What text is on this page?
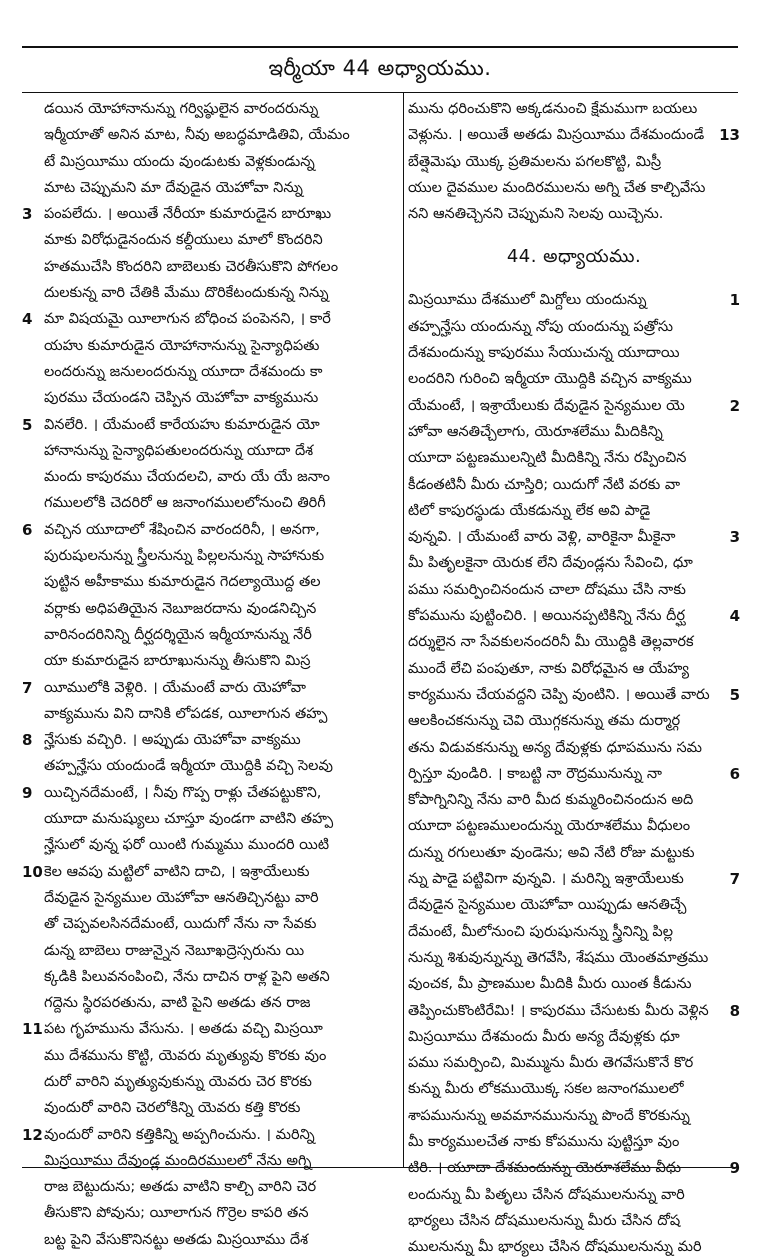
ఇర్మీయా 44 అధ్యాయము.
డయిన యోహానానున్ను గర్విష్ఠులైన వారందరున్ను
ఇర్మీయాతో అనిన మాట, నీవు అబద్ధమాడితివి, యేమం
టే మిస్రయీము యందు వుండుటకు వెళ్లకుండున్న
మాట చెప్పుమని మా దేవుడైన యెహోవా నిన్ను
3 పంపలేదు. । అయితే నేరీయా కుమారుడైన బారూఖు
మాకు విరోధుడైనందున కల్దీయులు మాలో కొందరిని
హతముచేసి కొందరిని బాబెలుకు చెరతీసుకొని పోగలం
దులకున్న వారి చేతికి మేము దొరికేటందుకున్న నిన్ను
4 మా విషయమై యీలాగున బోధించ పంపెనని, । కారే
యహు కుమారుడైన యోహానానున్ను సైన్యాధిపతు
లందరున్ను జనులందరున్ను యూదా దేశమందు కా
పురము చేయండని చెప్పిన యెహోవా వాక్యమును
5 వినలేరి. । యేమంటే కారేయహు కుమారుడైన యో
హానానున్ను సైన్యాధిపతులందరున్ను యూదా దేశ
మందు కాపురము చేయదలచి, వారు యే యే జనాం
గములలోకి చెదరిరో ఆ జనాంగములలోనుంచి తిరిగీ
6 వచ్చిన యూదాలో శేషించిన వారందరినీ, । అనగా,
పురుషులనున్ను స్త్రీలనున్ను పిల్లలనున్ను సాహానుకు
పుట్టిన అహీకాము కుమారుడైన గెదల్యాయొద్ద తల
వర్లాకు అధిపతియైన నెబూజరదాను వుండనిచ్చిన
వారినందరినిన్ని దీర్ఘదర్శియైన ఇర్మీయానున్ను నేరీ
యా కుమారుడైన బారూఖునున్ను తీసుకొని మిస్ర
7 యీములోకి వెళ్లిరి. । యేమంటే వారు యెహోవా
వాక్యమును విని దానికి లోపడక, యీలాగున తహ్ప
8 న్హేసుకు వచ్చిరి. । అప్పుడు యెహోవా వాక్యము
తహ్పన్హేసు యందుండే ఇర్మీయా యొద్దికి వచ్చి సెలవు
9 యిచ్చినదేమంటే, । నీవు గొప్ప రాళ్లు చేతపట్టుకొని,
యూదా మనుష్యులు చూస్తూ వుండగా వాటిని తహ్ప
న్హేసులో వున్న ఫరో యింటి గుమ్మము ముందరి యిటి
10 కెల ఆవపు మట్టిలో వాటిని దాచి, । ఇశ్రాయేలుకు
దేవుడైన సైన్యముల యెహోవా ఆనతిచ్చినట్టు వారి
తో చెప్పవలసినదేమంటే, యిదుగో నేను నా సేవకు
డున్న బాబెలు రాజున్నైన నెబూఖద్రెస్సరును యి
క్కడికి పిలువనంపించి, నేను దాచిన రాళ్ల పైని అతని
గద్దెను స్థిరపరతును, వాటి పైని అతడు తన రాజ
11 పట గృహమును వేసును. । అతడు వచ్చి మిస్రయీ
ము దేశమును కొట్టి, యెవరు మృత్యువు కొరకు వుం
దురో వారిని మృత్యువుకున్ను యెవరు చెర కొరకు
వుందురో వారిని చెరలోకిన్ని యెవరు కత్తి కొరకు
12 వుందురో వారిని కత్తికిన్ని అప్పగించును. । మరిన్ని
మిస్రయీము దేవుండ్ల మందిరములలో నేను అగ్ని
రాజ బెట్టుదును; అతడు వాటిని కాల్చి వారిని చెర
తీసుకొని పోవును; యీలాగున గొర్రెల కాపరి తన
బట్ట పైని వేసుకొనినట్టు అతడు మిస్రయీము దేశ
మును ధరించుకొని అక్కడనుంచి క్షేమముగా బయలు
13
వెళ్లును. । అయితే అతడు మిస్రయీము దేశమందుండే
బేత్షెమెషు యొక్క ప్రతిమలను పగలకొట్టి, మిస్రీ
యుల దైవముల మందిరములను అగ్ని చేత కాల్చివేసు
నని ఆనతిచ్చెనని చెప్పుమని సెలవు యిచ్చెను.
44. అధ్యాయము.
1
మిస్రయీము దేశములో మిగ్దోలు యందున్ను
తహ్పన్హేసు యందున్ను నోపు యందున్ను పత్రోసు
దేశమందున్ను కాపురము సేయుచున్న యూదాయి
లందరిని గురించి ఇర్మీయా యొద్దికి వచ్చిన వాక్యము
2
యేమంటే, । ఇశ్రాయేలుకు దేవుడైన సైన్యముల యె
హోవా ఆనతిచ్చేలాగు, యెరూశలేము మీదికిన్ని
యూదా పట్టణములన్నిటి మీదికిన్ని నేను రప్పించిన
కీడంతటినీ మీరు చూస్తిరి; యిదుగో నేటి వరకు వా
టిలో కాపురస్థుడు యేకడున్ను లేక అవి పాడై
3
వున్నవి. । యేమంటే వారు వెళ్లి, వారికైనా మీకైనా
మీ పితృలకైనా యెరుక లేని దేవుండ్లను సేవించి, ధూ
పము సమర్పించినందున చాలా దోషము చేసి నాకు
4
కోపమును పుట్టించిరి. । అయినప్పటికిన్ని నేను దీర్ఘ
దర్శులైన నా సేవకులనందరినీ మీ యొద్దికి తెల్లవారక
ముందే లేచి పంపుతూ, నాకు విరోధమైన ఆ యేహ్య
5
కార్యమును చేయవద్దని చెప్పి వుంటిని. । అయితే వారు
ఆలకించకనున్ను చెవి యొగ్గకనున్ను తమ దుర్మార్గ
తను విడువకనున్ను అన్య దేవుళ్లకు ధూపమును సమ
6
ర్పిస్తూ వుండిరి. । కాబట్టి నా రౌద్రమునున్ను నా
కోపాగ్నినిన్ని నేను వారి మీద కుమ్మరించినందున అది
యూదా పట్టణములందున్ను యెరూశలేము వీధులం
దున్ను రగులుతూ వుండెను; అవి నేటి రోజు మట్టుకు
7
న్ను పాడై పట్టివిగా వున్నవి. । మరిన్ని ఇశ్రాయేలుకు
దేవుడైన సైన్యముల యెహోవా యిప్పుడు ఆనతిచ్చే
దేమంటే, మీలోనుంచి పురుషునున్ను స్త్రీనిన్ని పిల్ల
నున్ను శిశువున్నున్ను తెగవేసి, శేషము యెంతమాత్రము
వుంచక, మీ ప్రాణముల మీదికి మీరు యింత కీడును
8
తెప్పించుకొంటిరేమి! । కాపురము చేసుటకు మీరు వెళ్లిన
మిస్రయీము దేశమందు మీరు అన్య దేవుళ్లకు ధూ
పము సమర్పించి, మిమ్మును మీరు తెగవేసుకొనే కొర
కున్ను మీరు లోకముయొక్క సకల జనాంగములలో
శాపమునున్ను అవమానమునున్ను పొందే కొరకున్ను
మీ కార్యములచేత నాకు కోపమును పుట్టిస్తూ వుం
9
టిరి. । యూదా దేశమందున్ను యెరూశలేము వీధు
లందున్ను మీ పితృలు చేసిన దోషములనున్ను వారి
భార్యలు చేసిన దోషములనున్ను మీరు చేసిన దోష
ములనున్ను మీ భార్యలు చేసిన దోషములనున్ను మరి
